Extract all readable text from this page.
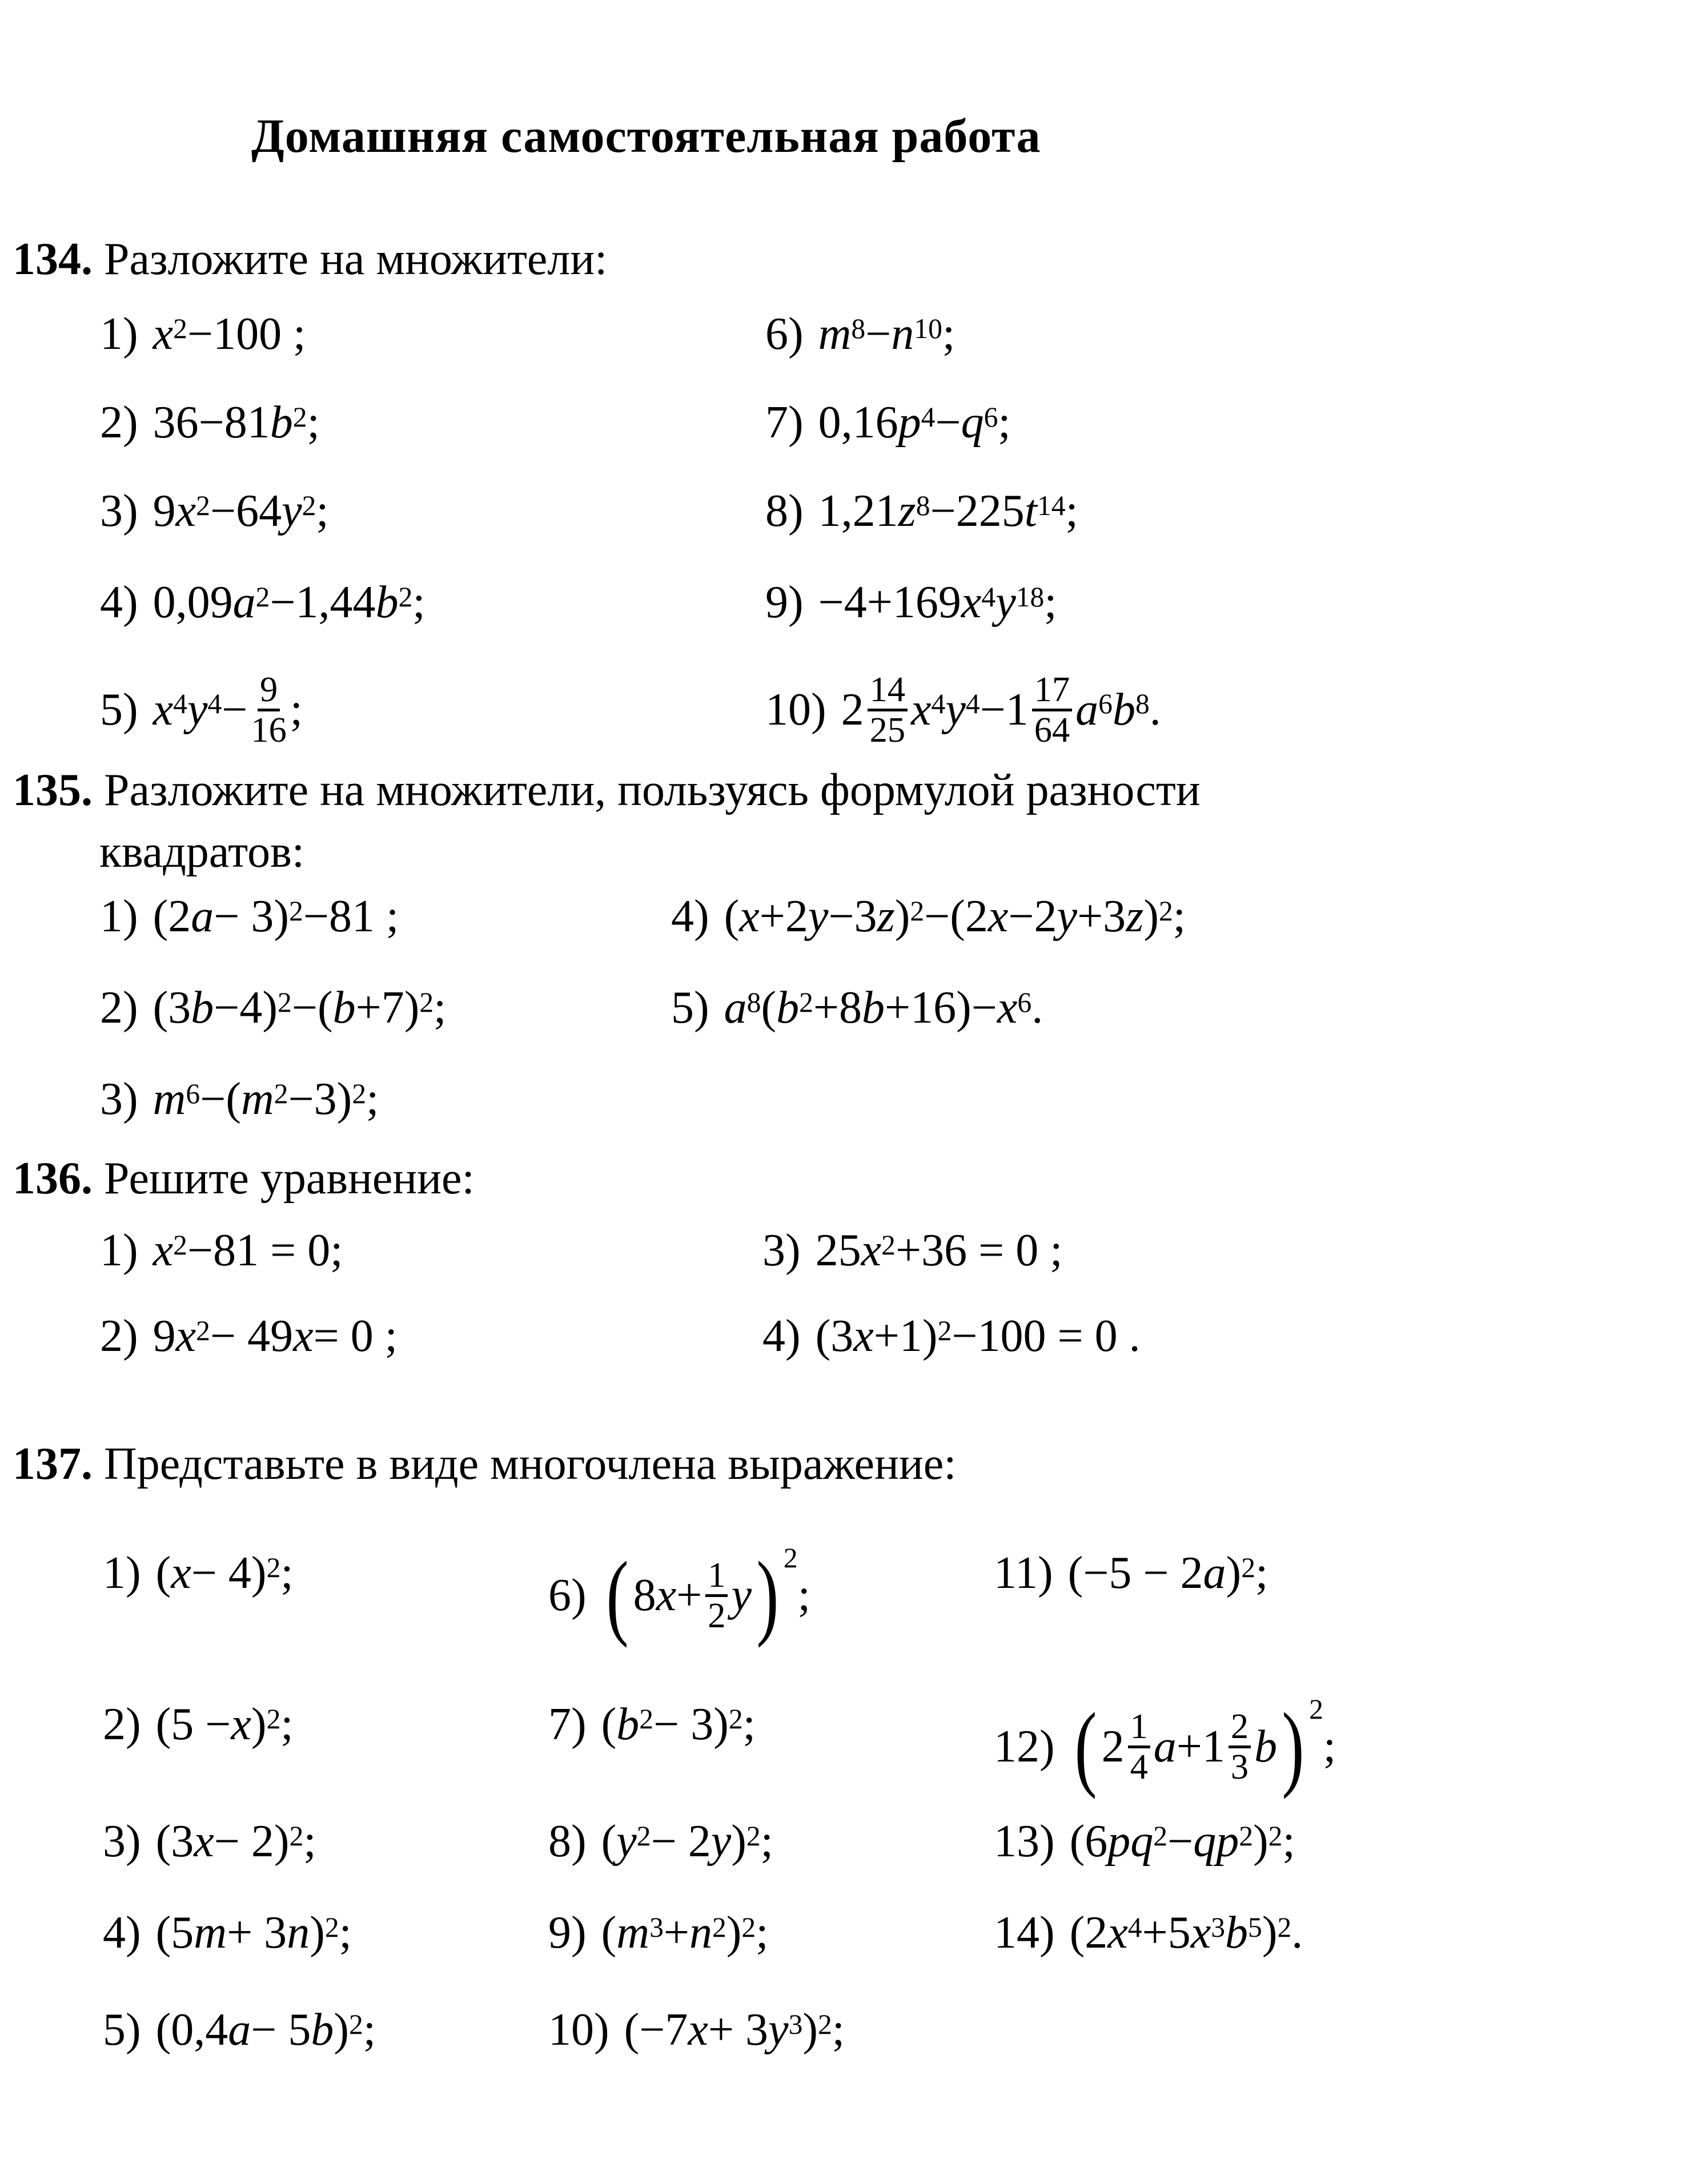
Домашняя самостоятельная работа
134. Разложите на множители:
1) $x^2 -100$ ;
2) 36−81 $b^2$ ;
3) 9 $x^2 -64$ $y^2$ ;
4) 0,09 $a^2 -1,44$ $b^2$ ;
5) $x^4$ $y^4 - \frac{9}{16}$ ;
6) $m^8 - n^{10}$ ;
7) 0,16 $p^4 - q^6$ ;
8) 1,21 $z^8 -225$ $t^{14}$ ;
9) −4+169 $x^4$ $y^{18}$ ;
10) $2 \frac{14}{25} x^4$ $y^4 -1 \frac{17}{64} a^6$ $b^8$ .
135. Разложите на множители, пользуясь формулой разности
квадратов:
1) (2 a − 3)$^2$ −81 ;
2) (3 b −4)$^2$ −( b +7)$^2$ ;
3) $m^6$ −( $m^2 -3)^2$ ;
4) ( x +2 y −3 z )$^2$ −(2 x −2 y +3 z )$^2$ ;
5) $a^8$ ( $b^2 +8$ $b +16)- x^6$ .
136. Решите уравнение:
1) $x^2 -81 = 0$;
2) 9 $x^2 - 49$ x = 0 ;
3) 25 $x^2 +36 = 0$ ;
4) (3 x +1)$^2$ −100 = 0 .
137. Представьте в виде многочлена выражение:
1) ( x − 4)$^2$ ;
2) (5 − x )$^2$ ;
3) (3 x − 2)$^2$ ;
4) (5 m + 3 n )$^2$ ;
5) (0,4 a − 5 b )$^2$ ;
6) ( 8 $x + \frac{1}{2}$ y ) 2
;
7) ( $b^2 - 3)^2$ ;
8) ( $y^2 - 2$ y )$^2$ ;
9) ( $m^3 + n^2$ )$^2$ ;
10) (−7 x + 3 $y^3$ )$^2$ ;
11) (−5 − 2 a )$^2$ ;
12) ( $2 \frac{1}{4}$ $a +1 \frac{2}{3}$ b ) 2
;
13) (6 $pq^2 - qp^2$ )$^2$ ;
14) (2 $x^4 +5$ $x^3$ $b^5$ )$^2$ .
